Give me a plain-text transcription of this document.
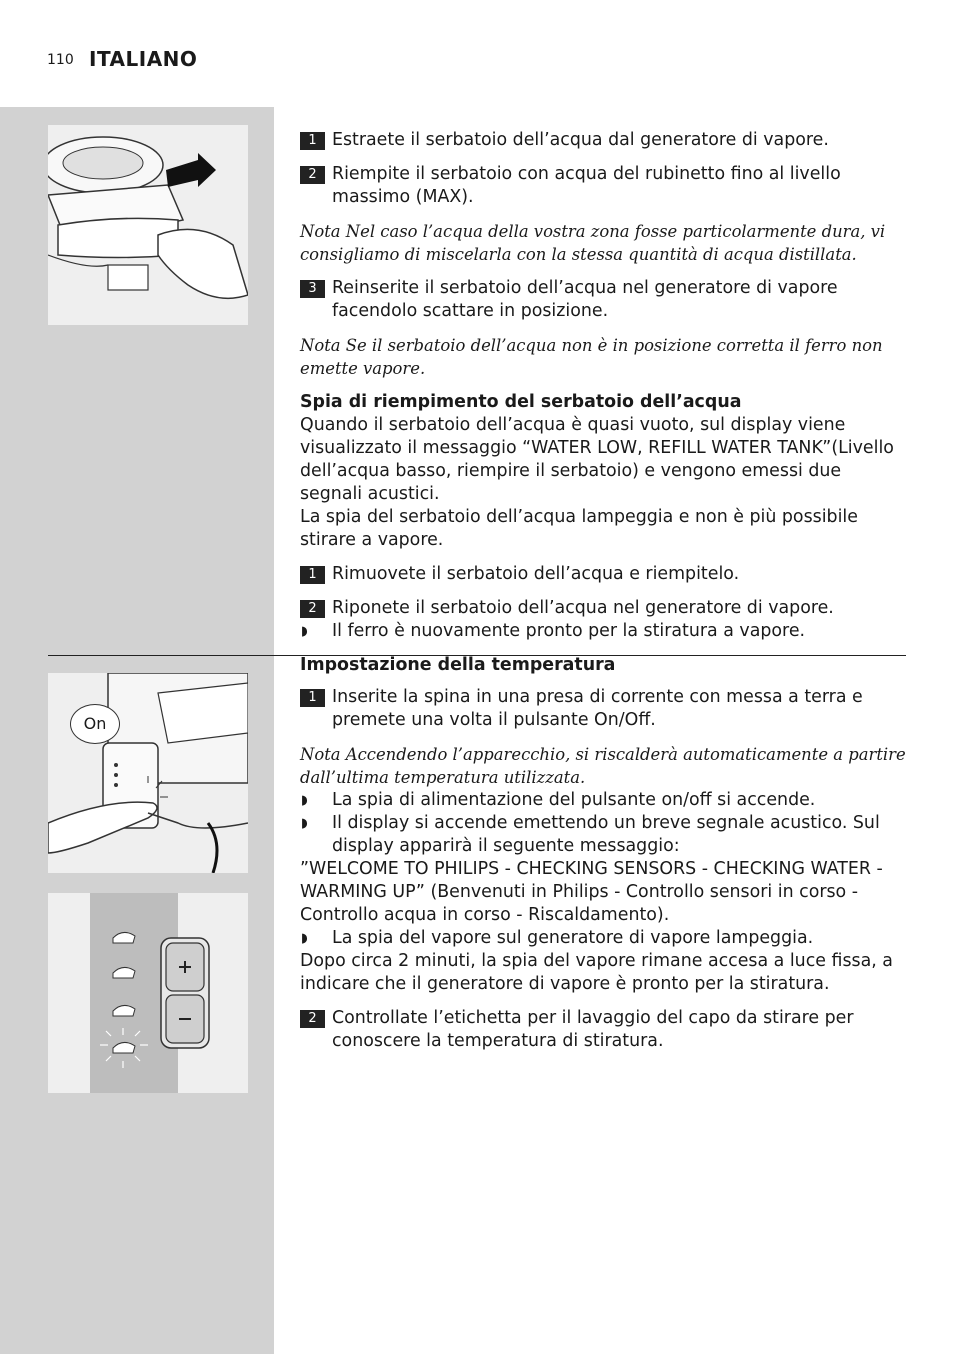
110 ITALIANO
On

1 Estraete il serbatoio dell’acqua dal generatore di vapore.

2 Riempite il serbatoio con acqua del rubinetto fino al livello massimo (MAX).

Nota Nel caso l’acqua della vostra zona fosse particolarmente dura, vi consigliamo di miscelarla con la stessa quantità di acqua distillata.

3 Reinserite il serbatoio dell’acqua nel generatore di vapore facendolo scattare in posizione.

Nota Se il serbatoio dell’acqua non è in posizione corretta il ferro non emette vapore.

Spia di riempimento del serbatoio dell’acqua

Quando il serbatoio dell’acqua è quasi vuoto, sul display viene visualizzato il messaggio “WATER LOW, REFILL WATER TANK”(Livello dell’acqua basso, riempire il serbatoio) e vengono emessi due segnali acustici.

La spia del serbatoio dell’acqua lampeggia e non è più possibile stirare a vapore.

1 Rimuovete il serbatoio dell’acqua e riempitelo.

2 Riponete il serbatoio dell’acqua nel generatore di vapore.

◗ Il ferro è nuovamente pronto per la stiratura a vapore.

Impostazione della temperatura

1 Inserite la spina in una presa di corrente con messa a terra e premete una volta il pulsante On/Off.

Nota Accendendo l’apparecchio, si riscalderà automaticamente a partire dall’ultima temperatura utilizzata.

◗ La spia di alimentazione del pulsante on/off si accende.

◗ Il display si accende emettendo un breve segnale acustico. Sul display apparirà il seguente messaggio:

”WELCOME TO PHILIPS - CHECKING SENSORS - CHECKING WATER - WARMING UP” (Benvenuti in Philips - Controllo sensori in corso - Controllo acqua in corso - Riscaldamento).

◗ La spia del vapore sul generatore di vapore lampeggia.

Dopo circa 2 minuti, la spia del vapore rimane accesa a luce fissa, a indicare che il generatore di vapore è pronto per la stiratura.

2 Controllate l’etichetta per il lavaggio del capo da stirare per conoscere la temperatura di stiratura.
